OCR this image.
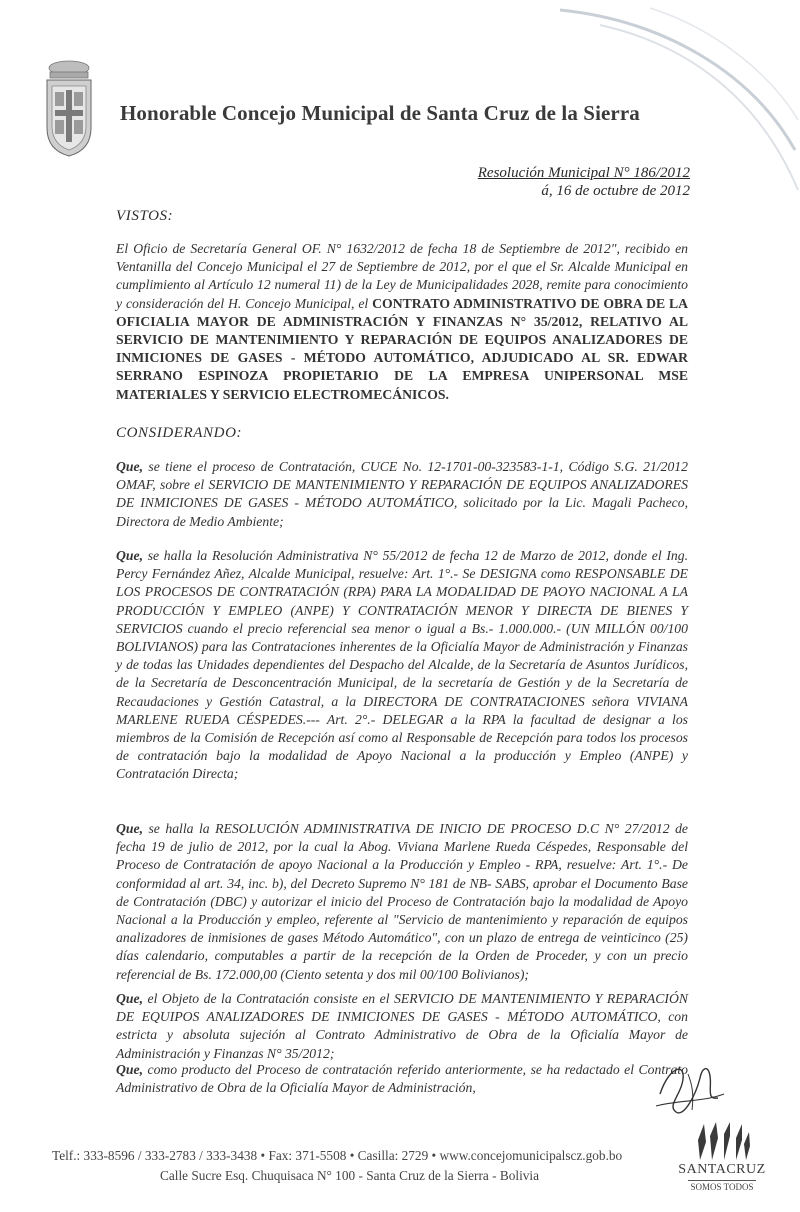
Honorable Concejo Municipal de Santa Cruz de la Sierra
Resolución Municipal N° 186/2012
á, 16 de octubre de 2012
VISTOS:
El Oficio de Secretaría General OF. N° 1632/2012 de fecha 18 de Septiembre de 2012", recibido en Ventanilla del Concejo Municipal el 27 de Septiembre de 2012, por el que el Sr. Alcalde Municipal en cumplimiento al Artículo 12 numeral 11) de la Ley de Municipalidades 2028, remite para conocimiento y consideración del H. Concejo Municipal, el CONTRATO ADMINISTRATIVO DE OBRA DE LA OFICIALIA MAYOR DE ADMINISTRACIÓN Y FINANZAS N° 35/2012, RELATIVO AL SERVICIO DE MANTENIMIENTO Y REPARACIÓN DE EQUIPOS ANALIZADORES DE INMICIONES DE GASES - MÉTODO AUTOMÁTICO, ADJUDICADO AL SR. EDWAR SERRANO ESPINOZA PROPIETARIO DE LA EMPRESA UNIPERSONAL MSE MATERIALES Y SERVICIO ELECTROMECÁNICOS.
CONSIDERANDO:
Que, se tiene el proceso de Contratación, CUCE No. 12-1701-00-323583-1-1, Código S.G. 21/2012 OMAF, sobre el SERVICIO DE MANTENIMIENTO Y REPARACIÓN DE EQUIPOS ANALIZADORES DE INMICIONES DE GASES - MÉTODO AUTOMÁTICO, solicitado por la Lic. Magali Pacheco, Directora de Medio Ambiente;
Que, se halla la Resolución Administrativa N° 55/2012 de fecha 12 de Marzo de 2012, donde el Ing. Percy Fernández Añez, Alcalde Municipal, resuelve: Art. 1°.- Se DESIGNA como RESPONSABLE DE LOS PROCESOS DE CONTRATACIÓN (RPA) PARA LA MODALIDAD DE PAOYO NACIONAL A LA PRODUCCIÓN Y EMPLEO (ANPE) Y CONTRATACIÓN MENOR Y DIRECTA DE BIENES Y SERVICIOS cuando el precio referencial sea menor o igual a Bs.- 1.000.000.- (UN MILLÓN 00/100 BOLIVIANOS) para las Contrataciones inherentes de la Oficialía Mayor de Administración y Finanzas y de todas las Unidades dependientes del Despacho del Alcalde, de la Secretaría de Asuntos Jurídicos, de la Secretaría de Desconcentración Municipal, de la secretaría de Gestión y de la Secretaría de Recaudaciones y Gestión Catastral, a la DIRECTORA DE CONTRATACIONES señora VIVIANA MARLENE RUEDA CÉSPEDES.--- Art. 2°.- DELEGAR a la RPA la facultad de designar a los miembros de la Comisión de Recepción así como al Responsable de Recepción para todos los procesos de contratación bajo la modalidad de Apoyo Nacional a la producción y Empleo (ANPE) y Contratación Directa;
Que, se halla la RESOLUCIÓN ADMINISTRATIVA DE INICIO DE PROCESO D.C N° 27/2012 de fecha 19 de julio de 2012, por la cual la Abog. Viviana Marlene Rueda Céspedes, Responsable del Proceso de Contratación de apoyo Nacional a la Producción y Empleo - RPA, resuelve: Art. 1°.- De conformidad al art. 34, inc. b), del Decreto Supremo N° 181 de NB- SABS, aprobar el Documento Base de Contratación (DBC) y autorizar el inicio del Proceso de Contratación bajo la modalidad de Apoyo Nacional a la Producción y empleo, referente al "Servicio de mantenimiento y reparación de equipos analizadores de inmisiones de gases Método Automático", con un plazo de entrega de veinticinco (25) días calendario, computables a partir de la recepción de la Orden de Proceder, y con un precio referencial de Bs. 172.000,00 (Ciento setenta y dos mil 00/100 Bolivianos);
Que, el Objeto de la Contratación consiste en el SERVICIO DE MANTENIMIENTO Y REPARACIÓN DE EQUIPOS ANALIZADORES DE INMICIONES DE GASES - MÉTODO AUTOMÁTICO, con estricta y absoluta sujeción al Contrato Administrativo de Obra de la Oficialía Mayor de Administración y Finanzas N° 35/2012;
Que, como producto del Proceso de contratación referido anteriormente, se ha redactado el Contrato Administrativo de Obra de la Oficialía Mayor de Administración,
Telf.: 333-8596 / 333-2783 / 333-3438 • Fax: 371-5508 • Casilla: 2729 • www.concejomunicipalscz.gob.bo
Calle Sucre Esq. Chuquisaca N° 100 - Santa Cruz de la Sierra - Bolivia	SANTACRUZ
SOMOS TODOS
